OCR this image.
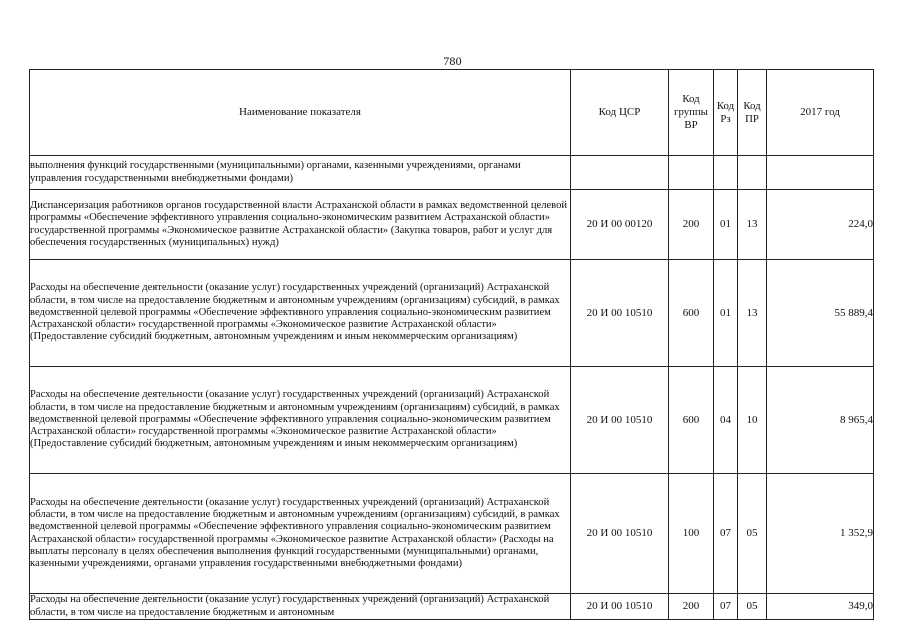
780
Наименование показателя	Код ЦСР	Код группы ВР	Код Рз	Код ПР	2017 год
выполнения функций государственными (муниципальными) органами, казенными учреждениями, органами управления государственными внебюджетными фондами)					
Диспансеризация работников органов государственной власти Астраханской области в рамках ведомственной целевой программы «Обеспечение эффективного управления социально-экономическим развитием Астраханской области» государственной программы «Экономическое развитие Астраханской области» (Закупка товаров, работ и услуг для обеспечения государственных (муниципальных) нужд)	20 И 00 00120	200	01	13	224,0
Расходы на обеспечение деятельности (оказание услуг) государственных учреждений (организаций) Астраханской области, в том числе на предоставление бюджетным и автономным учреждениям (организациям) субсидий, в рамках ведомственной целевой программы «Обеспечение эффективного управления социально-экономическим развитием Астраханской области» государственной программы «Экономическое развитие Астраханской области» (Предоставление субсидий бюджетным, автономным учреждениям и иным некоммерческим организациям)	20 И 00 10510	600	01	13	55 889,4
Расходы на обеспечение деятельности (оказание услуг) государственных учреждений (организаций) Астраханской области, в том числе на предоставление бюджетным и автономным учреждениям (организациям) субсидий, в рамках ведомственной целевой программы «Обеспечение эффективного управления социально-экономическим развитием Астраханской области» государственной программы «Экономическое развитие Астраханской области» (Предоставление субсидий бюджетным, автономным учреждениям и иным некоммерческим организациям)	20 И 00 10510	600	04	10	8 965,4
Расходы на обеспечение деятельности (оказание услуг) государственных учреждений (организаций) Астраханской области, в том числе на предоставление бюджетным и автономным учреждениям (организациям) субсидий, в рамках ведомственной целевой программы «Обеспечение эффективного управления социально-экономическим развитием Астраханской области» государственной программы «Экономическое развитие Астраханской области» (Расходы на выплаты персоналу в целях обеспечения выполнения функций государственными (муниципальными) органами, казенными учреждениями, органами управления государственными внебюджетными фондами)	20 И 00 10510	100	07	05	1 352,9
Расходы на обеспечение деятельности (оказание услуг) государственных учреждений (организаций) Астраханской области, в том числе на предоставление бюджетным и автономным	20 И 00 10510	200	07	05	349,0
